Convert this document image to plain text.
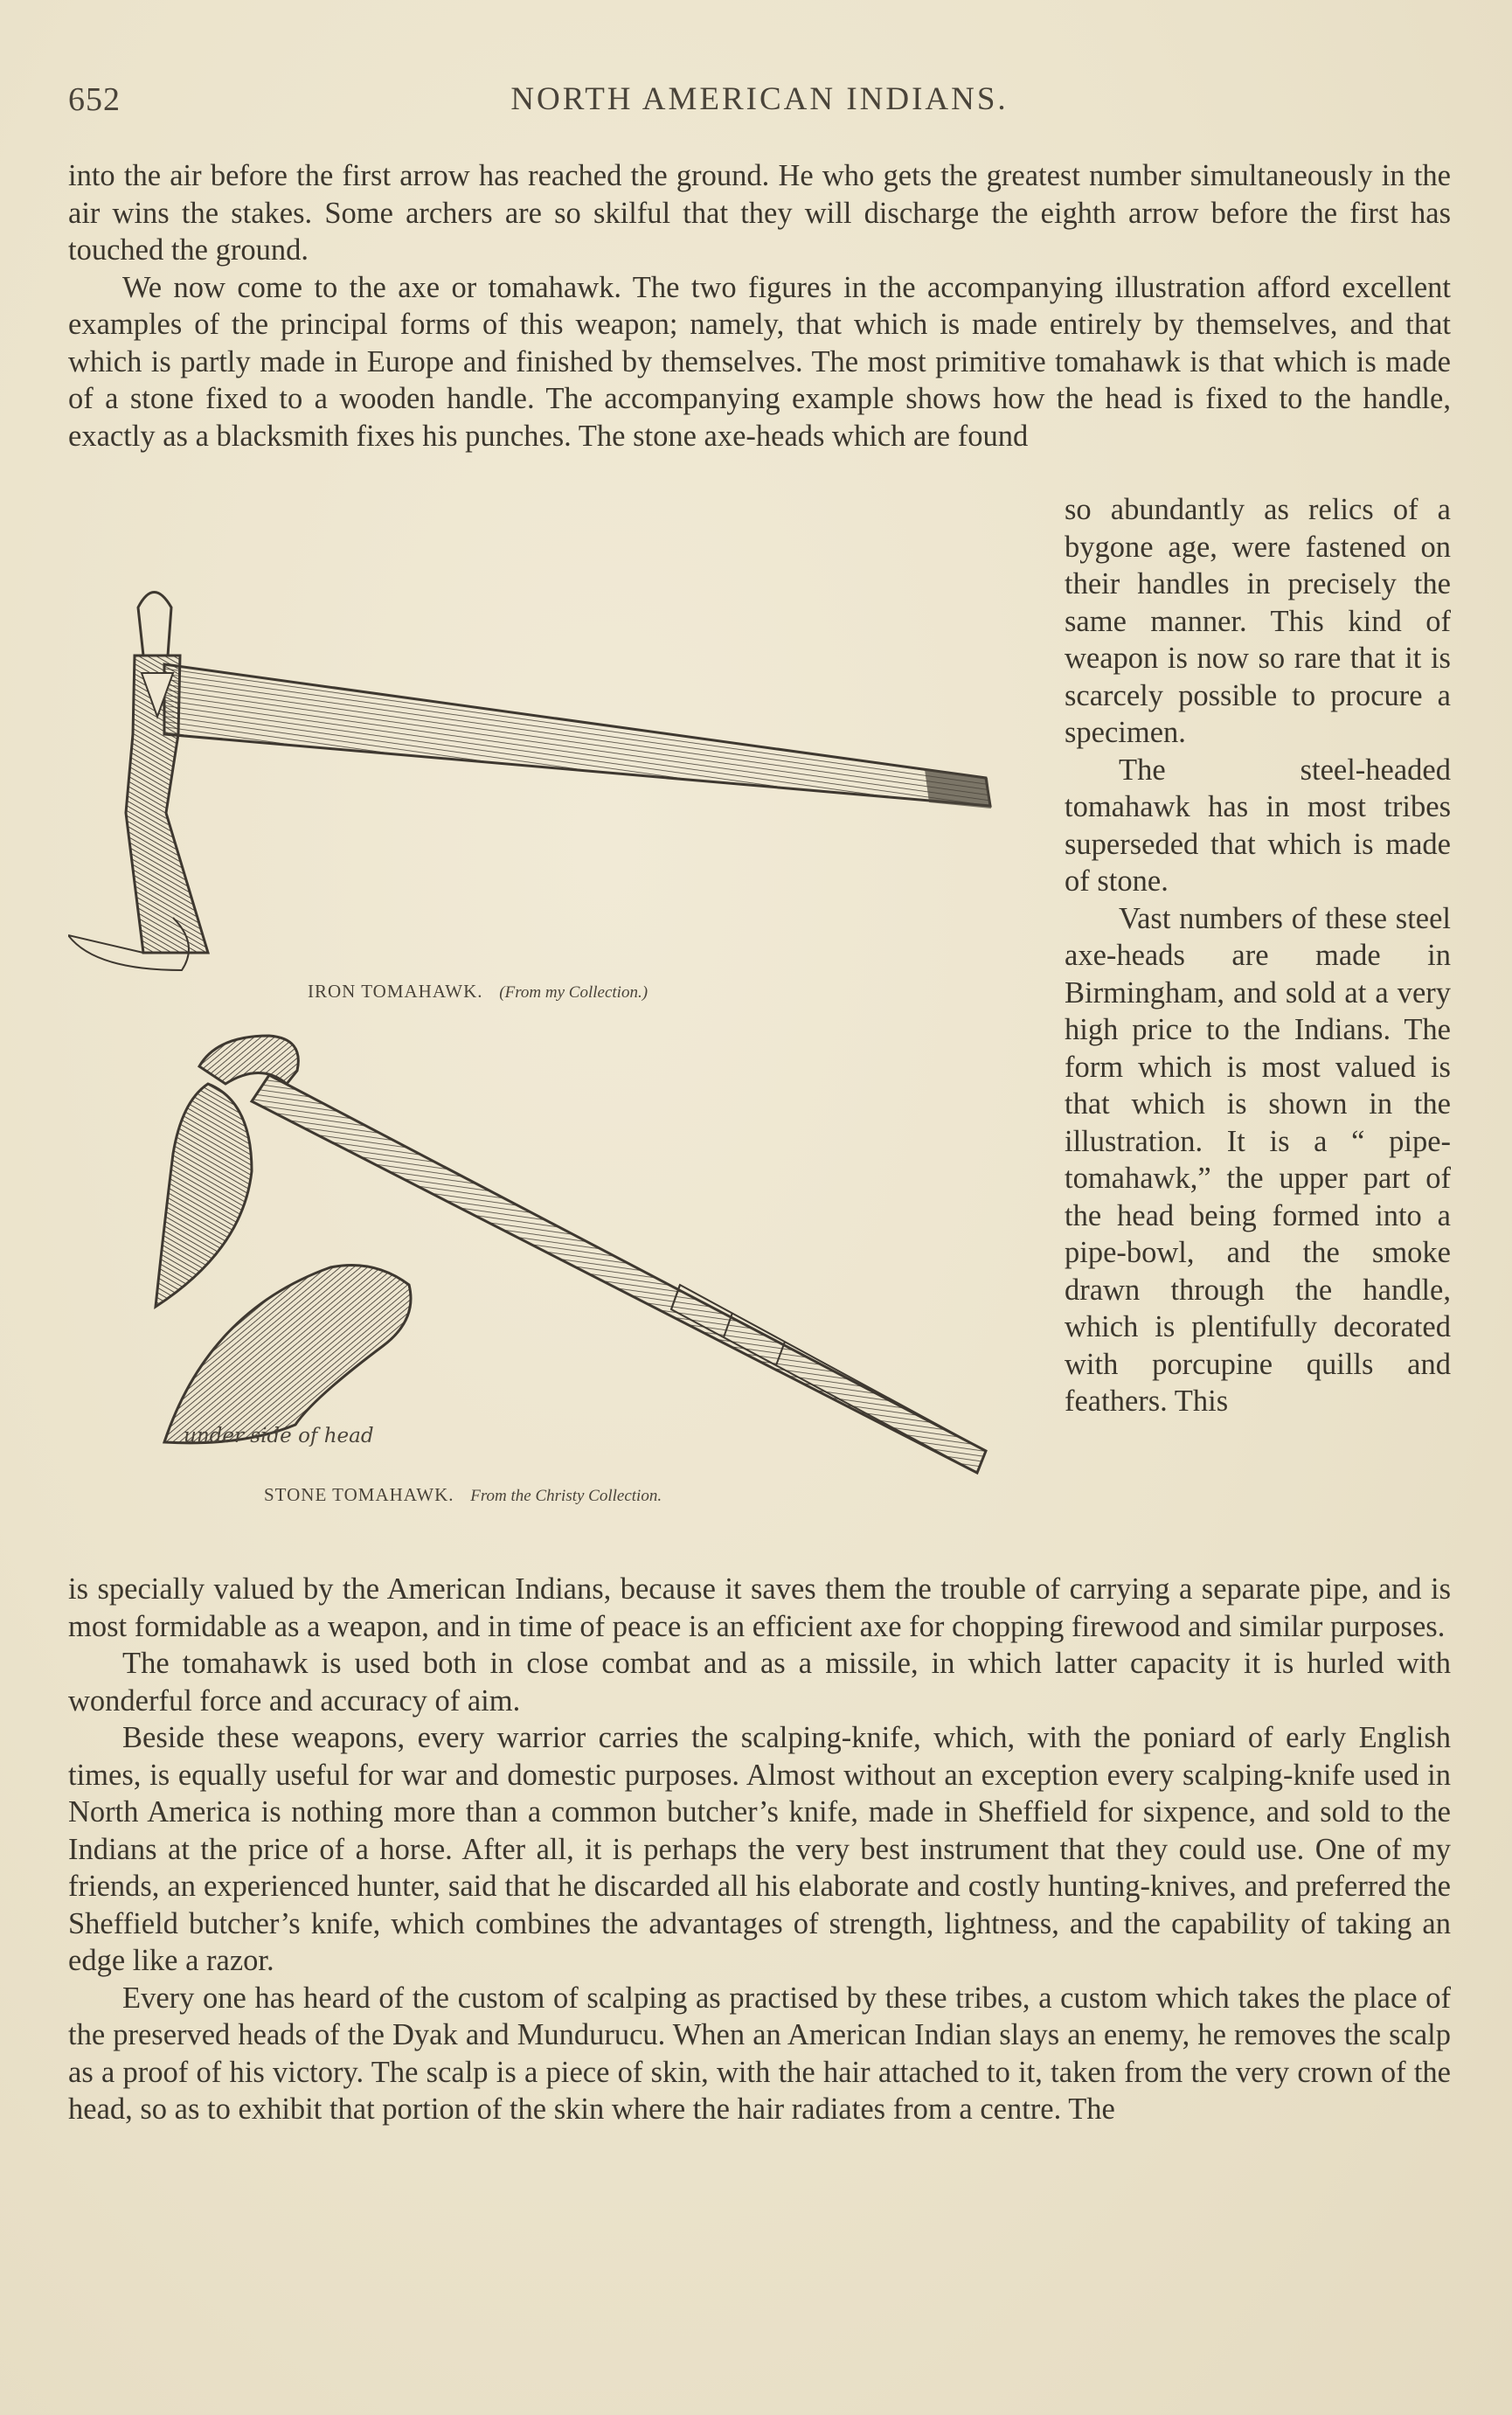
652	NORTH AMERICAN INDIANS.

into the air before the first arrow has reached the ground. He who gets the greatest number simultaneously in the air wins the stakes. Some archers are so skilful that they will discharge the eighth arrow before the first has touched the ground.

We now come to the axe or tomahawk. The two figures in the accompanying illustration afford excellent examples of the principal forms of this weapon; namely, that which is made entirely by themselves, and that which is partly made in Europe and finished by themselves. The most primitive tomahawk is that which is made of a stone fixed to a wooden handle. The accompanying example shows how the head is fixed to the handle, exactly as a blacksmith fixes his punches. The stone axe-heads which are found

so abundantly as relics of a bygone age, were fastened on their handles in precisely the same manner. This kind of weapon is now so rare that it is scarcely possible to procure a specimen.

The steel-headed tomahawk has in most tribes superseded that which is made of stone.

Vast numbers of these steel axe-heads are made in Birmingham, and sold at a very high price to the Indians. The form which is most valued is that which is shown in the illustration. It is a “ pipe-tomahawk,” the upper part of the head being formed into a pipe-bowl, and the smoke drawn through the handle, which is plentifully decorated with porcupine quills and feathers. This

IRON TOMAHAWK. (From my Collection.)
under side of head
STONE TOMAHAWK. From the Christy Collection.

is specially valued by the American Indians, because it saves them the trouble of carrying a separate pipe, and is most formidable as a weapon, and in time of peace is an efficient axe for chopping firewood and similar purposes.

The tomahawk is used both in close combat and as a missile, in which latter capacity it is hurled with wonderful force and accuracy of aim.

Beside these weapons, every warrior carries the scalping-knife, which, with the poniard of early English times, is equally useful for war and domestic purposes. Almost without an exception every scalping-knife used in North America is nothing more than a common butcher’s knife, made in Sheffield for sixpence, and sold to the Indians at the price of a horse. After all, it is perhaps the very best instrument that they could use. One of my friends, an experienced hunter, said that he discarded all his elaborate and costly hunting-knives, and preferred the Sheffield butcher’s knife, which combines the advantages of strength, lightness, and the capability of taking an edge like a razor.

Every one has heard of the custom of scalping as practised by these tribes, a custom which takes the place of the preserved heads of the Dyak and Mundurucu. When an American Indian slays an enemy, he removes the scalp as a proof of his victory. The scalp is a piece of skin, with the hair attached to it, taken from the very crown of the head, so as to exhibit that portion of the skin where the hair radiates from a centre. The
